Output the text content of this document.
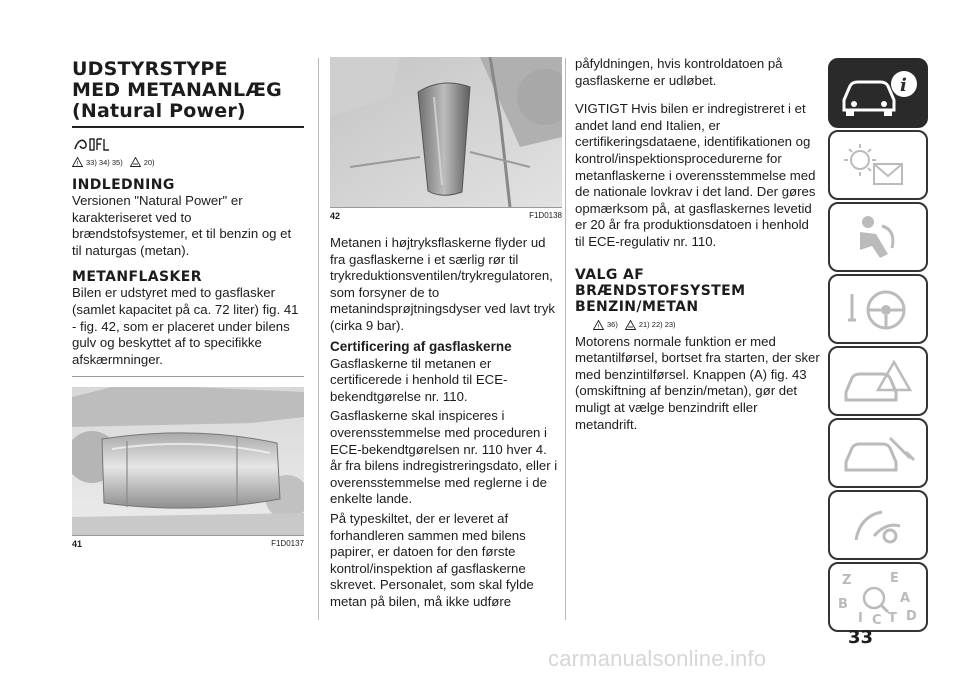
UDSTYRSTYPE
MED METANANLÆG
(Natural Power)
! 33) 34) 35)	20)
INDLEDNING

Versionen "Natural Power" er karakteriseret ved to brændstofsystemer, et til benzin og et til naturgas (metan).

METANFLASKER

Bilen er udstyret med to gasflasker (samlet kapacitet på ca. 72 liter) fig. 41 - fig. 42, som er placeret under bilens gulv og beskyttet af to specifikke afskærmninger.

41	F1D0137
42	F1D0138

Metanen i højtryksflaskerne flyder ud fra gasflaskerne i et særlig rør til trykreduktionsventilen/trykregulatoren, som forsyner de to metanindsprøjtningsdyser ved lavt tryk (cirka 9 bar).

Certificering af gasflaskerne

Gasflaskerne til metanen er certificerede i henhold til ECE-bekendtgørelse nr. 110.

Gasflaskerne skal inspiceres i overensstemmelse med proceduren i ECE-bekendtgørelsen nr. 110 hver 4. år fra bilens indregistreringsdato, eller i overensstemmelse med reglerne i de enkelte lande.

På typeskiltet, der er leveret af forhandleren sammen med bilens papirer, er datoen for den første kontrol/inspektion af gasflaskerne skrevet. Personalet, som skal fylde metan på bilen, må ikke udføre

påfyldningen, hvis kontroldatoen på gasflaskerne er udløbet.

VIGTIGT Hvis bilen er indregistreret i et andet land end Italien, er certifikeringsdataene, identifikationen og kontrol/inspektionsprocedurerne for metanflaskerne i overensstemmelse med de nationale lovkrav i det land. Der gøres opmærksom på, at gasflaskernes levetid er 20 år fra produktionsdatoen i henhold til ECE-regulativ nr. 110.

VALG AF
BRÆNDSTOFSYSTEM
BENZIN/METAN
! 36)	21) 22) 23)

Motorens normale funktion er med metantilførsel, bortset fra starten, der sker med benzintilførsel. Knappen (A) fig. 43 (omskiftning af benzin/metan), gør det muligt at vælge benzindrift eller metandrift.

i
Z	E
B	A
I C T D
33
carmanualsonline.info
